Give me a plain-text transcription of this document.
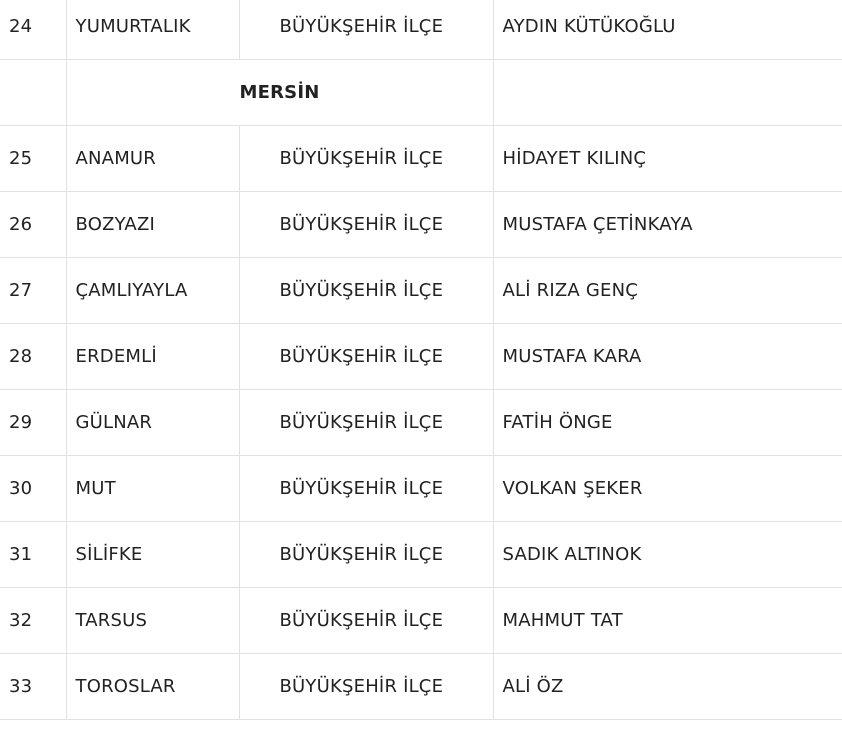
24	YUMURTALIK	BÜYÜKŞEHİR İLÇE	AYDIN KÜTÜKOĞLU
	MERSİN		
25	ANAMUR	BÜYÜKŞEHİR İLÇE	HİDAYET KILINÇ
26	BOZYAZI	BÜYÜKŞEHİR İLÇE	MUSTAFA ÇETİNKAYA
27	ÇAMLIYAYLA	BÜYÜKŞEHİR İLÇE	ALİ RIZA GENÇ
28	ERDEMLİ	BÜYÜKŞEHİR İLÇE	MUSTAFA KARA
29	GÜLNAR	BÜYÜKŞEHİR İLÇE	FATİH ÖNGE
30	MUT	BÜYÜKŞEHİR İLÇE	VOLKAN ŞEKER
31	SİLİFKE	BÜYÜKŞEHİR İLÇE	SADIK ALTINOK
32	TARSUS	BÜYÜKŞEHİR İLÇE	MAHMUT TAT
33	TOROSLAR	BÜYÜKŞEHİR İLÇE	ALİ ÖZ
